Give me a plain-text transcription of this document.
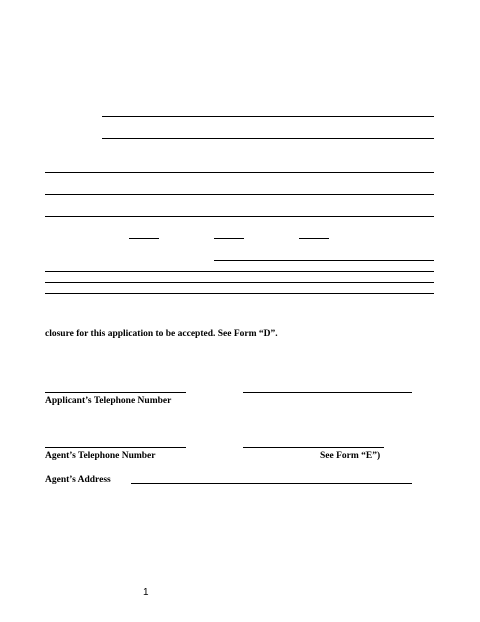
closure for this application to be accepted. See Form “D”.
Applicant’s Telephone Number
Agent’s Telephone Number	See Form “E”)
Agent’s Address
1
